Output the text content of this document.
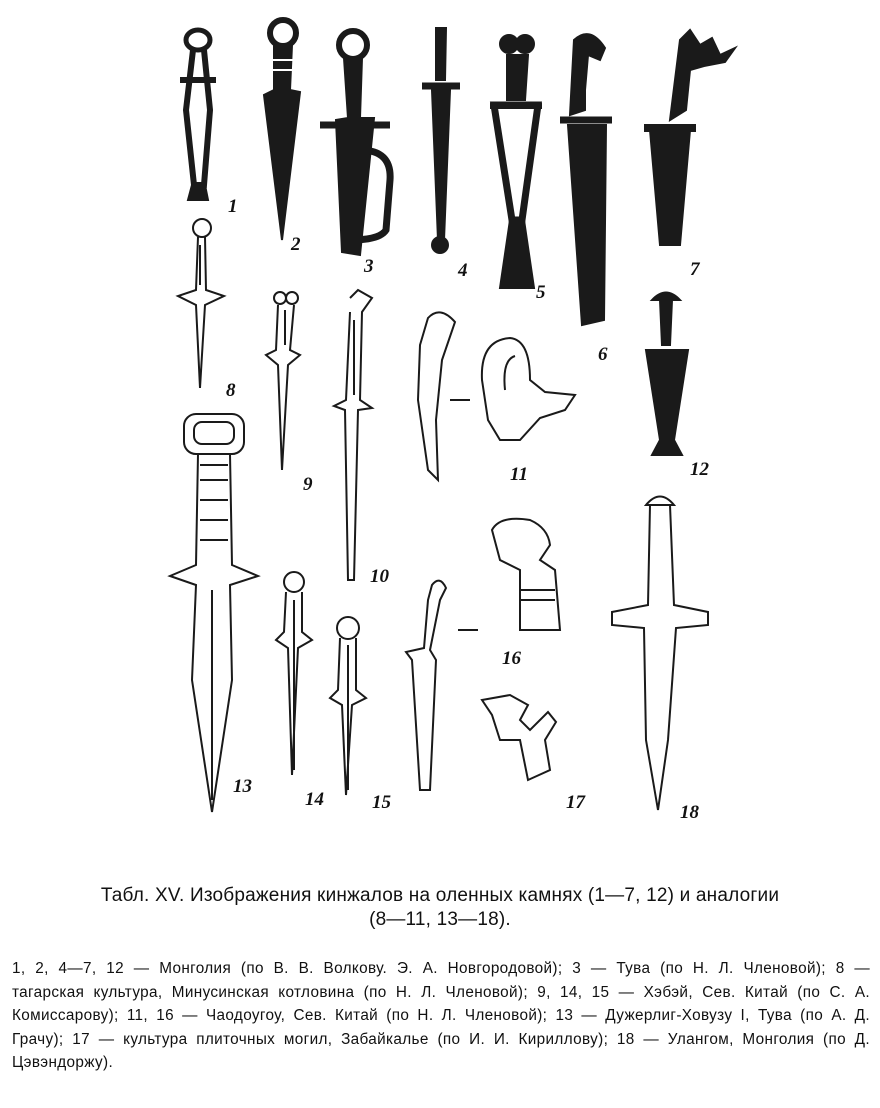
1
2
3	4
5
6
7
8
9
10
11	12
13
14	15
16
17	18
Табл. XV. Изображения кинжалов на оленных камнях (1—7, 12) и аналогии
(8—11, 13—18).
1, 2, 4—7, 12 — Монголия (по В. В. Волкову. Э. А. Новгородовой); 3 — Тува (по Н. Л. Членовой); 8 — тагарская культура, Минусинская котловина (по Н. Л. Членовой); 9, 14, 15 — Хэбэй, Сев. Китай (по С. А. Комиссарову); 11, 16 — Чаодоугоу, Сев. Китай (по Н. Л. Членовой); 13 — Дужерлиг-Ховузу I, Тува (по А. Д. Грачу); 17 — культура плиточных могил, Забайкалье (по И. И. Кириллову); 18 — Улангом, Монголия (по Д. Цэвэндоржу).
